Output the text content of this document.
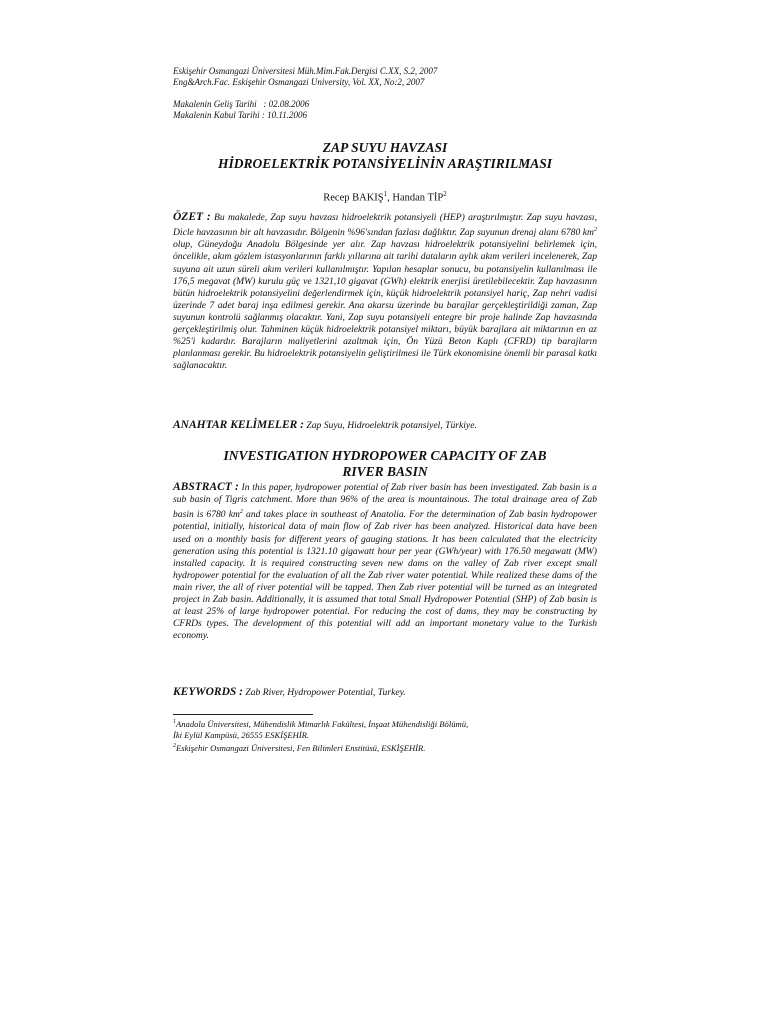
Eskişehir Osmangazi Üniversitesi Müh.Mim.Fak.Dergisi C.XX, S.2, 2007
Eng&Arch.Fac. Eskişehir Osmangazi University, Vol. XX, No:2, 2007
Makalenin Geliş Tarihi   : 02.08.2006
Makalenin Kabul Tarihi : 10.11.2006
ZAP SUYU HAVZASI
HİDROELEKTRİK POTANSİYELİNİN ARAŞTIRILMASI
Recep BAKIŞ$^1$, Handan TİP$^2$
ÖZET : Bu makalede, Zap suyu havzası hidroelektrik potansiyeli (HEP) araştırılmıştır. Zap suyu havzası, Dicle havzasının bir alt havzasıdır. Bölgenin %96'sından fazlası dağlıktır. Zap suyunun drenaj alanı 6780 $km^2$ olup, Güneydoğu Anadolu Bölgesinde yer alır. Zap havzası hidroelektrik potansiyelini belirlemek için, öncelikle, akım gözlem istasyonlarının farklı yıllarına ait tarihi dataların aylık akım verileri incelenerek, Zap suyuna ait uzun süreli akım verileri kullanılmıştır. Yapılan hesaplar sonucu, bu potansiyelin kullanılması ile 176,5 megavat (MW) kurulu güç ve 1321,10 gigavat (GWh) elektrik enerjisi üretilebilecektir. Zap havzasının bütün hidroelektrik potansiyelini değerlendirmek için, küçük hidroelektrik potansiyel hariç, Zap nehri vadisi üzerinde 7 adet baraj inşa edilmesi gerekir. Ana akarsu üzerinde bu barajlar gerçekleştirildiği zaman, Zap suyunun kontrolü sağlanmış olacaktır. Yani, Zap suyu potansiyeli entegre bir proje halinde Zap havzasında gerçekleştirilmiş olur. Tahminen küçük hidroelektrik potansiyel miktarı, büyük barajlara ait miktarının en az %25'i kadardır. Barajların maliyetlerini azaltmak için, Ön Yüzü Beton Kaplı (CFRD) tip barajların planlanması gerekir. Bu hidroelektrik potansiyelin geliştirilmesi ile Türk ekonomisine önemli bir parasal katkı sağlanacaktır.
ANAHTAR KELİMELER : Zap Suyu, Hidroelektrik potansiyel, Türkiye.
INVESTIGATION HYDROPOWER CAPACITY OF ZAB
RIVER BASIN
ABSTRACT : In this paper, hydropower potential of Zab river basin has been investigated. Zab basin is a sub basin of Tigris catchment. More than 96% of the area is mountainous. The total drainage area of Zab basin is 6780 $km^2$ and takes place in southeast of Anatolia. For the determination of Zab basin hydropower potential, initially, historical data of main flow of Zab river has been analyzed. Historical data have been used on a monthly basis for different years of gauging stations. It has been calculated that the electricity generation using this potential is 1321.10 gigawatt hour per year (GWh/year) with 176.50 megawatt (MW) installed capacity. It is required constructing seven new dams on the valley of Zab river except small hydropower potential for the evaluation of all the Zab river water potential. While realized these dams of the main river, the all of river potential will be tapped. Then Zab river potential will be turned as an integrated project in Zab basin. Additionally, it is assumed that total Small Hydropower Potential (SHP) of Zab basin is at least 25% of large hydropower potential. For reducing the cost of dams, they may be constructing by CFRDs types. The development of this potential will add an important monetary value to the Turkish economy.
KEYWORDS : Zab River, Hydropower Potential, Turkey.
$^1$Anadolu Üniversitesi, Mühendislik Mimarlık Fakültesi, İnşaat Mühendisliği Bölümü,
İki Eylül Kampüsü, 26555 ESKİŞEHİR.
$^2$Eskişehir Osmangazi Üniversitesi, Fen Bilimleri Enstitüsü, ESKİŞEHİR.
